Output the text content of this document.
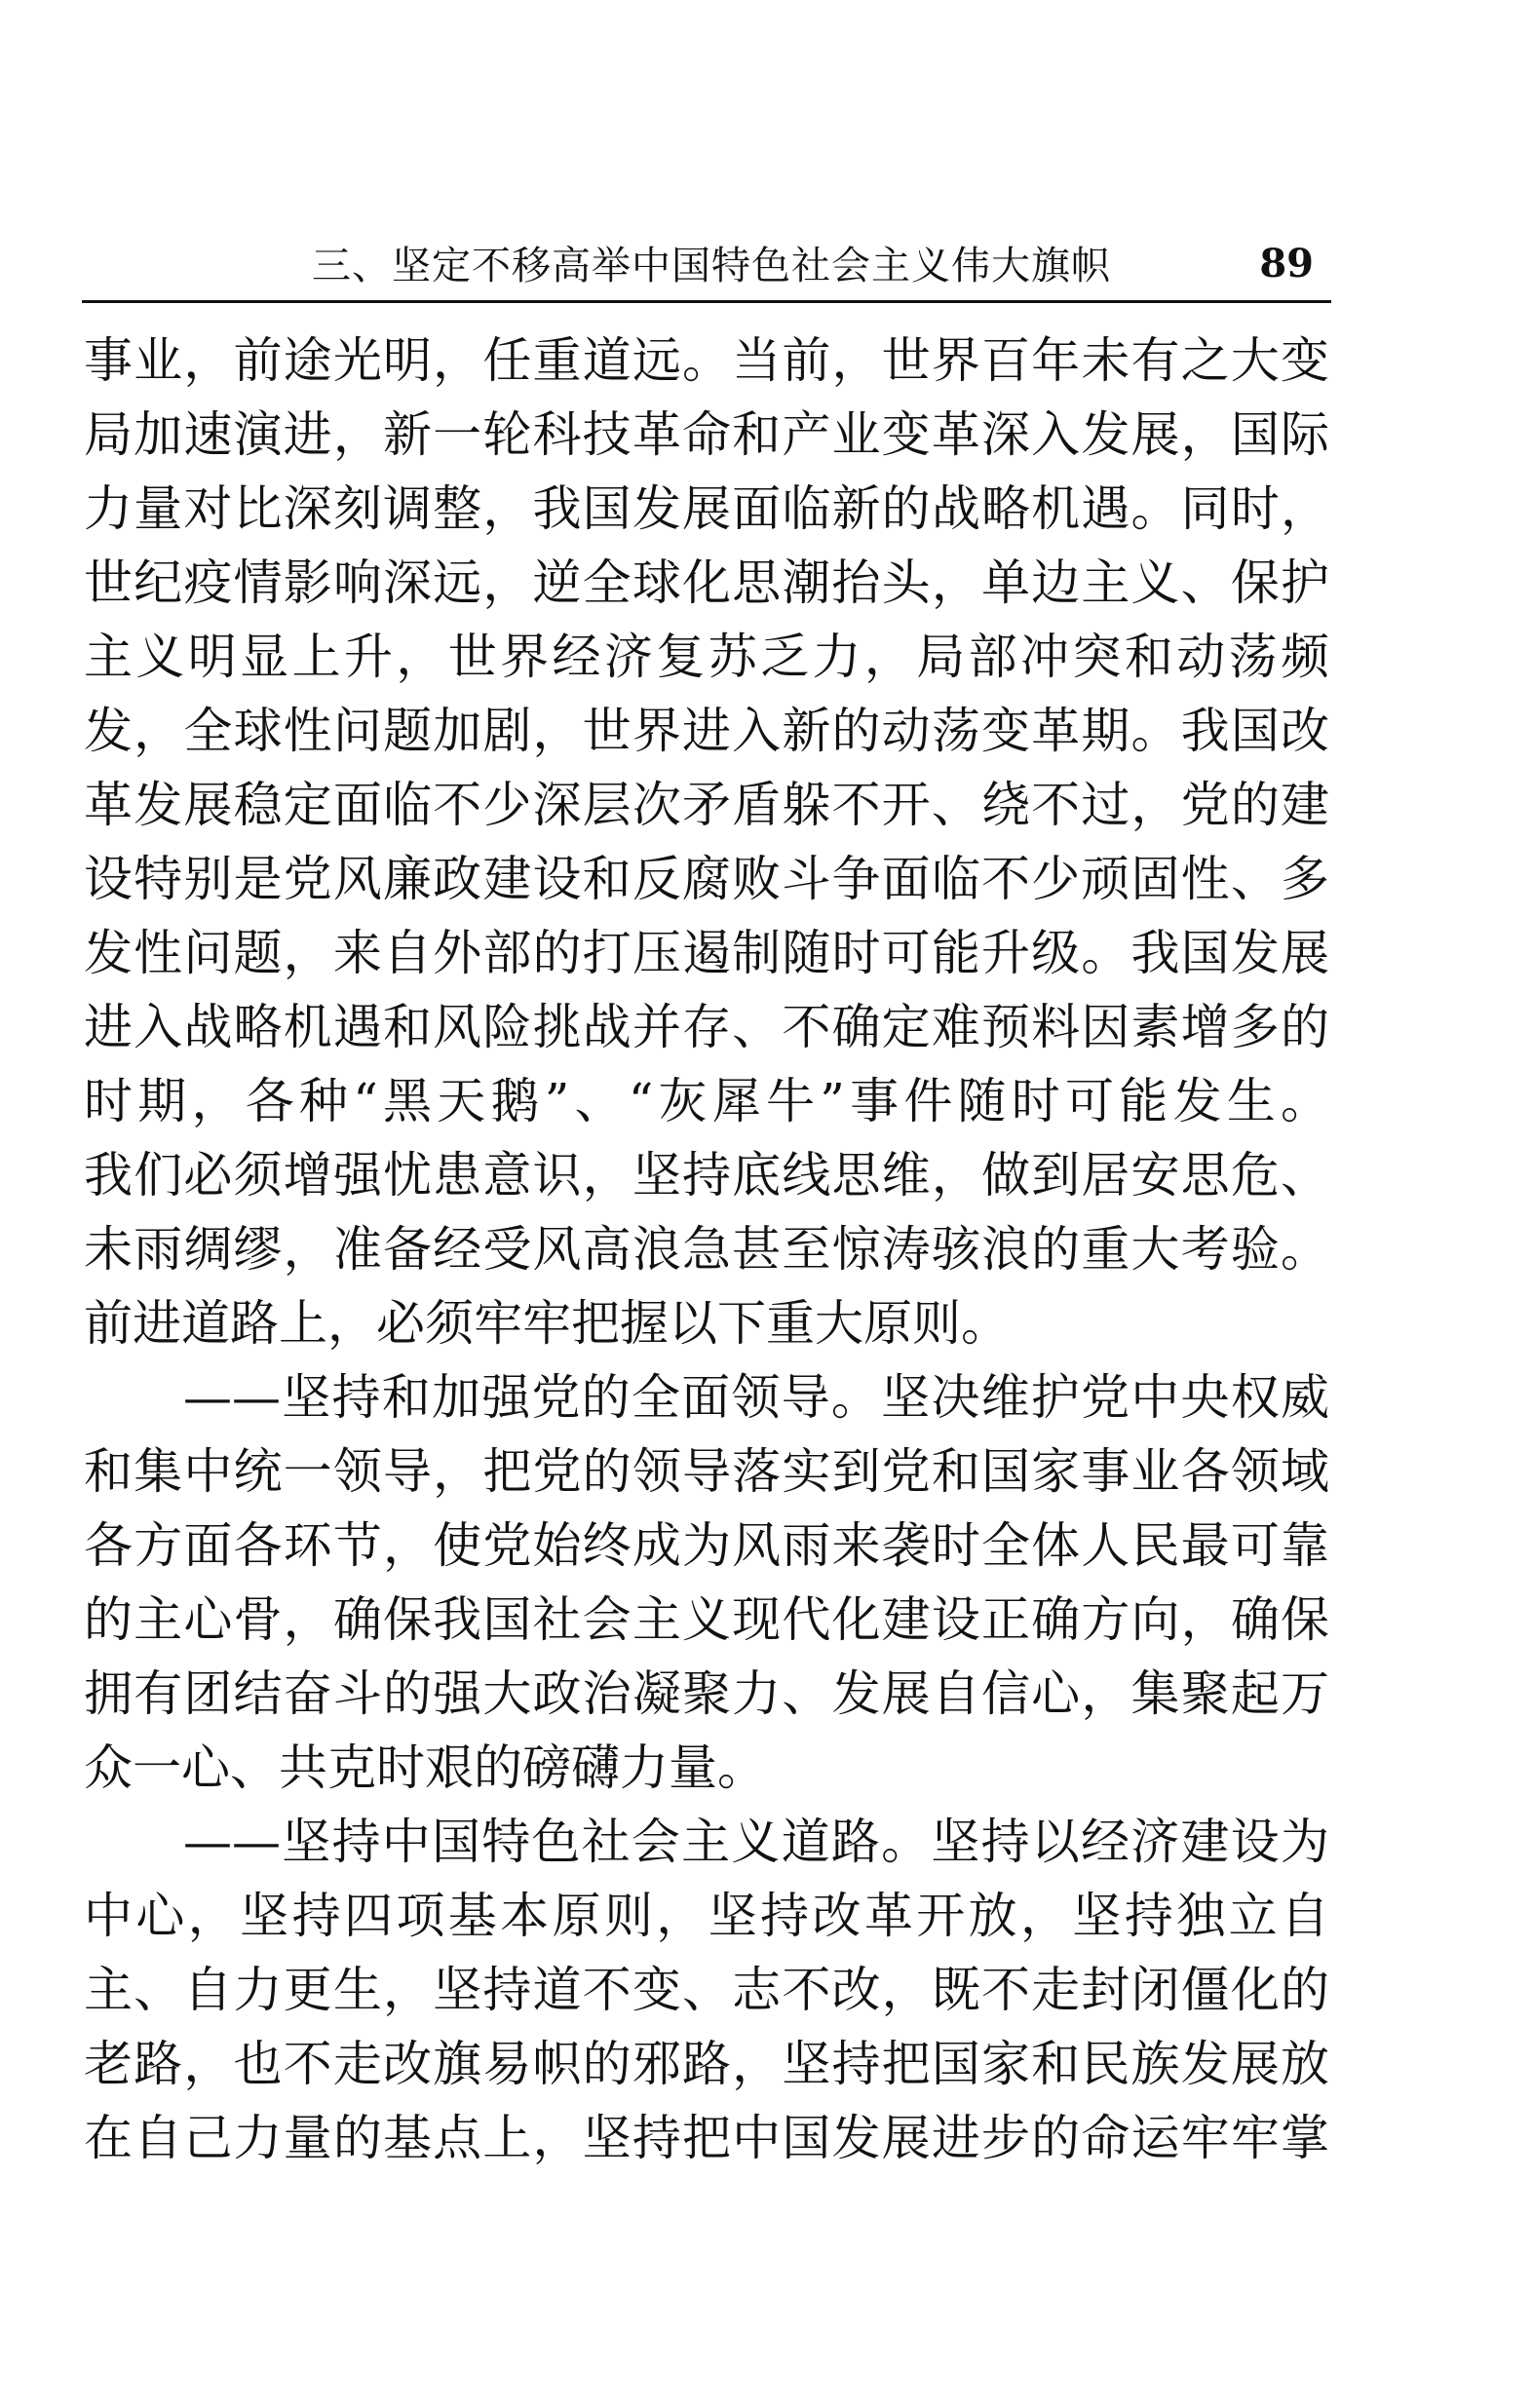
三、坚定不移高举中国特色社会主义伟大旗帜	89
事业，前途光明，任重道远。当前，世界百年未有之大变
局加速演进，新一轮科技革命和产业变革深入发展，国际
力量对比深刻调整，我国发展面临新的战略机遇。同时，
世纪疫情影响深远，逆全球化思潮抬头，单边主义、保护
主义明显上升，世界经济复苏乏力，局部冲突和动荡频
发，全球性问题加剧，世界进入新的动荡变革期。我国改
革发展稳定面临不少深层次矛盾躲不开、绕不过，党的建
设特别是党风廉政建设和反腐败斗争面临不少顽固性、多
发性问题，来自外部的打压遏制随时可能升级。我国发展
进入战略机遇和风险挑战并存、不确定难预料因素增多的
时期，各种“黑天鹅”、“灰犀牛”事件随时可能发生。
我们必须增强忧患意识，坚持底线思维，做到居安思危、
未雨绸缪，准备经受风高浪急甚至惊涛骇浪的重大考验。
前进道路上，必须牢牢把握以下重大原则。
——坚持和加强党的全面领导。坚决维护党中央权威
和集中统一领导，把党的领导落实到党和国家事业各领域
各方面各环节，使党始终成为风雨来袭时全体人民最可靠
的主心骨，确保我国社会主义现代化建设正确方向，确保
拥有团结奋斗的强大政治凝聚力、发展自信心，集聚起万
众一心、共克时艰的磅礴力量。
——坚持中国特色社会主义道路。坚持以经济建设为
中心，坚持四项基本原则，坚持改革开放，坚持独立自
主、自力更生，坚持道不变、志不改，既不走封闭僵化的
老路，也不走改旗易帜的邪路，坚持把国家和民族发展放
在自己力量的基点上，坚持把中国发展进步的命运牢牢掌
